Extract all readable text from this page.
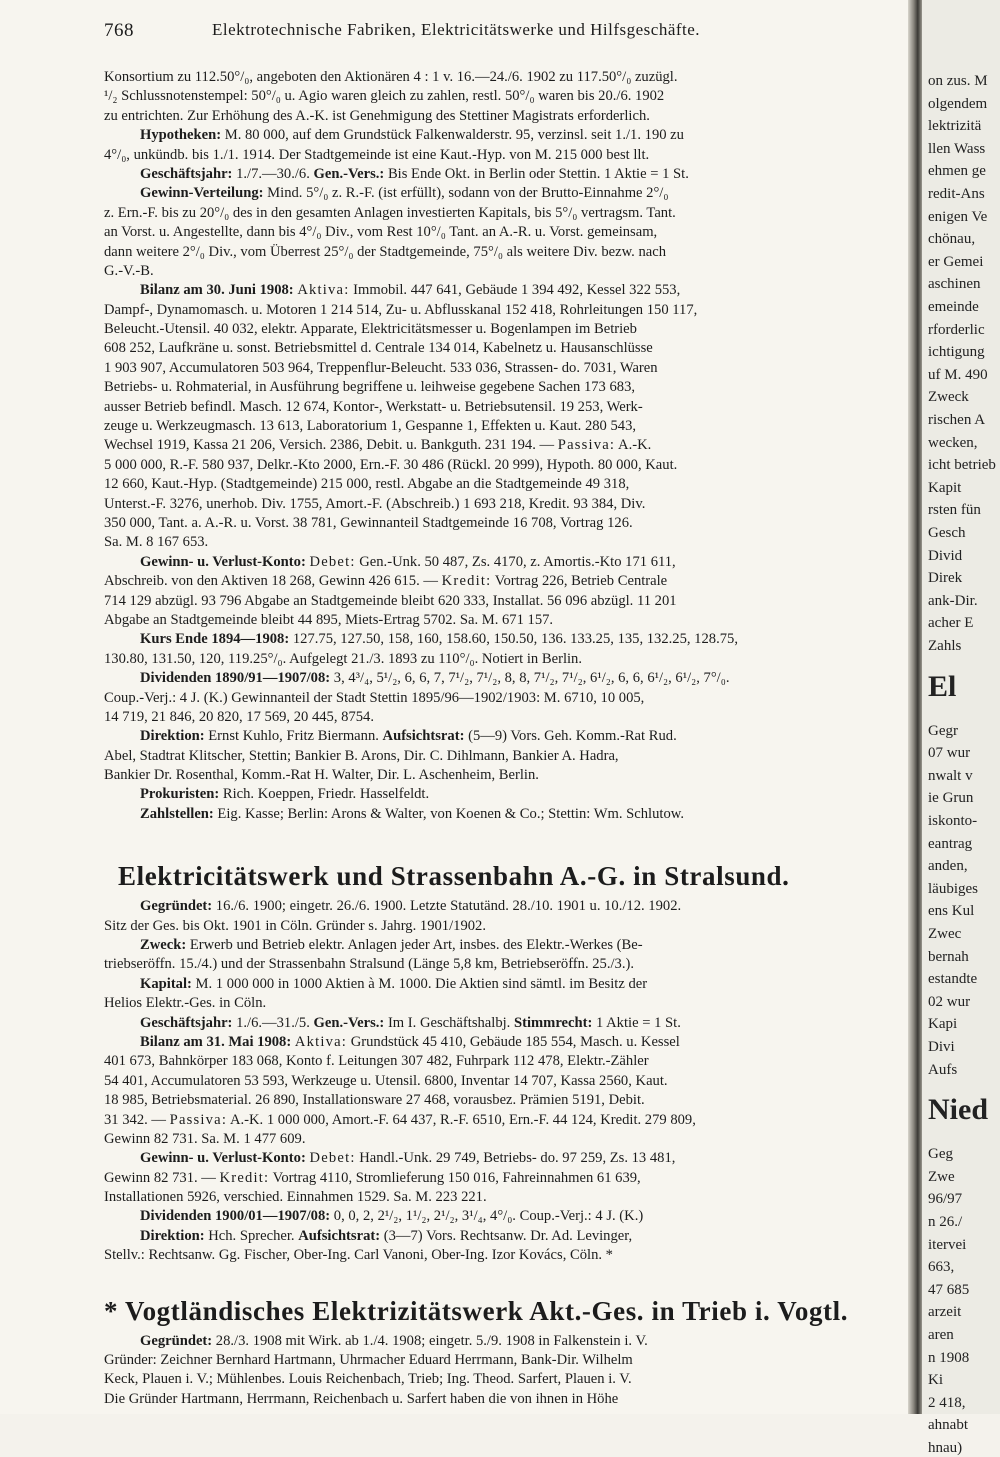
768	Elektrotechnische Fabriken, Elektricitätswerke und Hilfsgeschäfte.
Konsortium zu 112.50°/₀, angeboten den Aktionären 4 : 1 v. 16.—24./6. 1902 zu 117.50°/₀ zuzügl.
¹/₂ Schlussnotenstempel: 50°/₀ u. Agio waren gleich zu zahlen, restl. 50°/₀ waren bis 20./6. 1902
zu entrichten. Zur Erhöhung des A.-K. ist Genehmigung des Stettiner Magistrats erforderlich.
Hypotheken: M. 80 000, auf dem Grundstück Falkenwalderstr. 95, verzinsl. seit 1./1. 190 zu
4°/₀, unkündb. bis 1./1. 1914. Der Stadtgemeinde ist eine Kaut.-Hyp. von M. 215 000 best llt.
Geschäftsjahr: 1./7.—30./6. Gen.-Vers.: Bis Ende Okt. in Berlin oder Stettin. 1 Aktie = 1 St.
Gewinn-Verteilung: Mind. 5°/₀ z. R.-F. (ist erfüllt), sodann von der Brutto-Einnahme 2°/₀
z. Ern.-F. bis zu 20°/₀ des in den gesamten Anlagen investierten Kapitals, bis 5°/₀ vertragsm. Tant.
an Vorst. u. Angestellte, dann bis 4°/₀ Div., vom Rest 10°/₀ Tant. an A.-R. u. Vorst. gemeinsam,
dann weitere 2°/₀ Div., vom Überrest 25°/₀ der Stadtgemeinde, 75°/₀ als weitere Div. bezw. nach
G.-V.-B.
Bilanz am 30. Juni 1908: Aktiva: Immobil. 447 641, Gebäude 1 394 492, Kessel 322 553,
Dampf-, Dynamomasch. u. Motoren 1 214 514, Zu- u. Abflusskanal 152 418, Rohrleitungen 150 117,
Beleucht.-Utensil. 40 032, elektr. Apparate, Elektricitätsmesser u. Bogenlampen im Betrieb
608 252, Laufkräne u. sonst. Betriebsmittel d. Centrale 134 014, Kabelnetz u. Hausanschlüsse
1 903 907, Accumulatoren 503 964, Treppenflur-Beleucht. 533 036, Strassen- do. 7031, Waren
Betriebs- u. Rohmaterial, in Ausführung begriffene u. leihweise gegebene Sachen 173 683,
ausser Betrieb befindl. Masch. 12 674, Kontor-, Werkstatt- u. Betriebsutensil. 19 253, Werk-
zeuge u. Werkzeugmasch. 13 613, Laboratorium 1, Gespanne 1, Effekten u. Kaut. 280 543,
Wechsel 1919, Kassa 21 206, Versich. 2386, Debit. u. Bankguth. 231 194. — Passiva: A.-K.
5 000 000, R.-F. 580 937, Delkr.-Kto 2000, Ern.-F. 30 486 (Rückl. 20 999), Hypoth. 80 000, Kaut.
12 660, Kaut.-Hyp. (Stadtgemeinde) 215 000, restl. Abgabe an die Stadtgemeinde 49 318,
Unterst.-F. 3276, unerhob. Div. 1755, Amort.-F. (Abschreib.) 1 693 218, Kredit. 93 384, Div.
350 000, Tant. a. A.-R. u. Vorst. 38 781, Gewinnanteil Stadtgemeinde 16 708, Vortrag 126.
Sa. M. 8 167 653.
Gewinn- u. Verlust-Konto: Debet: Gen.-Unk. 50 487, Zs. 4170, z. Amortis.-Kto 171 611,
Abschreib. von den Aktiven 18 268, Gewinn 426 615. — Kredit: Vortrag 226, Betrieb Centrale
714 129 abzügl. 93 796 Abgabe an Stadtgemeinde bleibt 620 333, Installat. 56 096 abzügl. 11 201
Abgabe an Stadtgemeinde bleibt 44 895, Miets-Ertrag 5702. Sa. M. 671 157.
Kurs Ende 1894—1908: 127.75, 127.50, 158, 160, 158.60, 150.50, 136. 133.25, 135, 132.25, 128.75,
130.80, 131.50, 120, 119.25°/₀. Aufgelegt 21./3. 1893 zu 110°/₀. Notiert in Berlin.
Dividenden 1890/91—1907/08: 3, 4³/₄, 5¹/₂, 6, 6, 7, 7¹/₂, 7¹/₂, 8, 8, 7¹/₂, 7¹/₂, 6¹/₂, 6, 6, 6¹/₂, 6¹/₂, 7°/₀.
Coup.-Verj.: 4 J. (K.) Gewinnanteil der Stadt Stettin 1895/96—1902/1903: M. 6710, 10 005,
14 719, 21 846, 20 820, 17 569, 20 445, 8754.
Direktion: Ernst Kuhlo, Fritz Biermann. Aufsichtsrat: (5—9) Vors. Geh. Komm.-Rat Rud.
Abel, Stadtrat Klitscher, Stettin; Bankier B. Arons, Dir. C. Dihlmann, Bankier A. Hadra,
Bankier Dr. Rosenthal, Komm.-Rat H. Walter, Dir. L. Aschenheim, Berlin.
Prokuristen: Rich. Koeppen, Friedr. Hasselfeldt.
Zahlstellen: Eig. Kasse; Berlin: Arons & Walter, von Koenen & Co.; Stettin: Wm. Schlutow.
Elektricitätswerk und Strassenbahn A.-G. in Stralsund.
Gegründet: 16./6. 1900; eingetr. 26./6. 1900. Letzte Statutänd. 28./10. 1901 u. 10./12. 1902.
Sitz der Ges. bis Okt. 1901 in Cöln. Gründer s. Jahrg. 1901/1902.
Zweck: Erwerb und Betrieb elektr. Anlagen jeder Art, insbes. des Elektr.-Werkes (Be-
triebseröffn. 15./4.) und der Strassenbahn Stralsund (Länge 5,8 km, Betriebseröffn. 25./3.).
Kapital: M. 1 000 000 in 1000 Aktien à M. 1000. Die Aktien sind sämtl. im Besitz der
Helios Elektr.-Ges. in Cöln.
Geschäftsjahr: 1./6.—31./5. Gen.-Vers.: Im I. Geschäftshalbj. Stimmrecht: 1 Aktie = 1 St.
Bilanz am 31. Mai 1908: Aktiva: Grundstück 45 410, Gebäude 185 554, Masch. u. Kessel
401 673, Bahnkörper 183 068, Konto f. Leitungen 307 482, Fuhrpark 112 478, Elektr.-Zähler
54 401, Accumulatoren 53 593, Werkzeuge u. Utensil. 6800, Inventar 14 707, Kassa 2560, Kaut.
18 985, Betriebsmaterial. 26 890, Installationsware 27 468, vorausbez. Prämien 5191, Debit.
31 342. — Passiva: A.-K. 1 000 000, Amort.-F. 64 437, R.-F. 6510, Ern.-F. 44 124, Kredit. 279 809,
Gewinn 82 731. Sa. M. 1 477 609.
Gewinn- u. Verlust-Konto: Debet: Handl.-Unk. 29 749, Betriebs- do. 97 259, Zs. 13 481,
Gewinn 82 731. — Kredit: Vortrag 4110, Stromlieferung 150 016, Fahreinnahmen 61 639,
Installationen 5926, verschied. Einnahmen 1529. Sa. M. 223 221.
Dividenden 1900/01—1907/08: 0, 0, 2, 2¹/₂, 1¹/₂, 2¹/₂, 3¹/₄, 4°/₀. Coup.-Verj.: 4 J. (K.)
Direktion: Hch. Sprecher. Aufsichtsrat: (3—7) Vors. Rechtsanw. Dr. Ad. Levinger,
Stellv.: Rechtsanw. Gg. Fischer, Ober-Ing. Carl Vanoni, Ober-Ing. Izor Kovács, Cöln. *
* Vogtländisches Elektrizitätswerk Akt.-Ges. in Trieb i. Vogtl.
Gegründet: 28./3. 1908 mit Wirk. ab 1./4. 1908; eingetr. 5./9. 1908 in Falkenstein i. V.
Gründer: Zeichner Bernhard Hartmann, Uhrmacher Eduard Herrmann, Bank-Dir. Wilhelm
Keck, Plauen i. V.; Mühlenbes. Louis Reichenbach, Trieb; Ing. Theod. Sarfert, Plauen i. V.
Die Gründer Hartmann, Herrmann, Reichenbach u. Sarfert haben die von ihnen in Höhe
on zus. M
olgendem
lektrizitä
llen Wass
ehmen ge
redit-Ans
enigen Ve
chönau,
er Gemei
aschinen
emeinde
rforderlic
ichtigung
uf M. 490
Zweck
rischen A
wecken,
icht betrieb
Kapit
rsten fün
Gesch
Divid
Direk
ank-Dir.
acher E
Zahls
El
Gegr
07 wur
nwalt v
ie Grun
iskonto-
eantrag
anden,
läubiges
ens Kul
Zwec
bernah
estandte
02 wur
Kapi
Divi
Aufs
Nied
Geg
Zwe
96/97
n 26./
itervei
663,
47 685
arzeit
aren
n 1908
Ki
2 418,
ahnabt
hnau)
